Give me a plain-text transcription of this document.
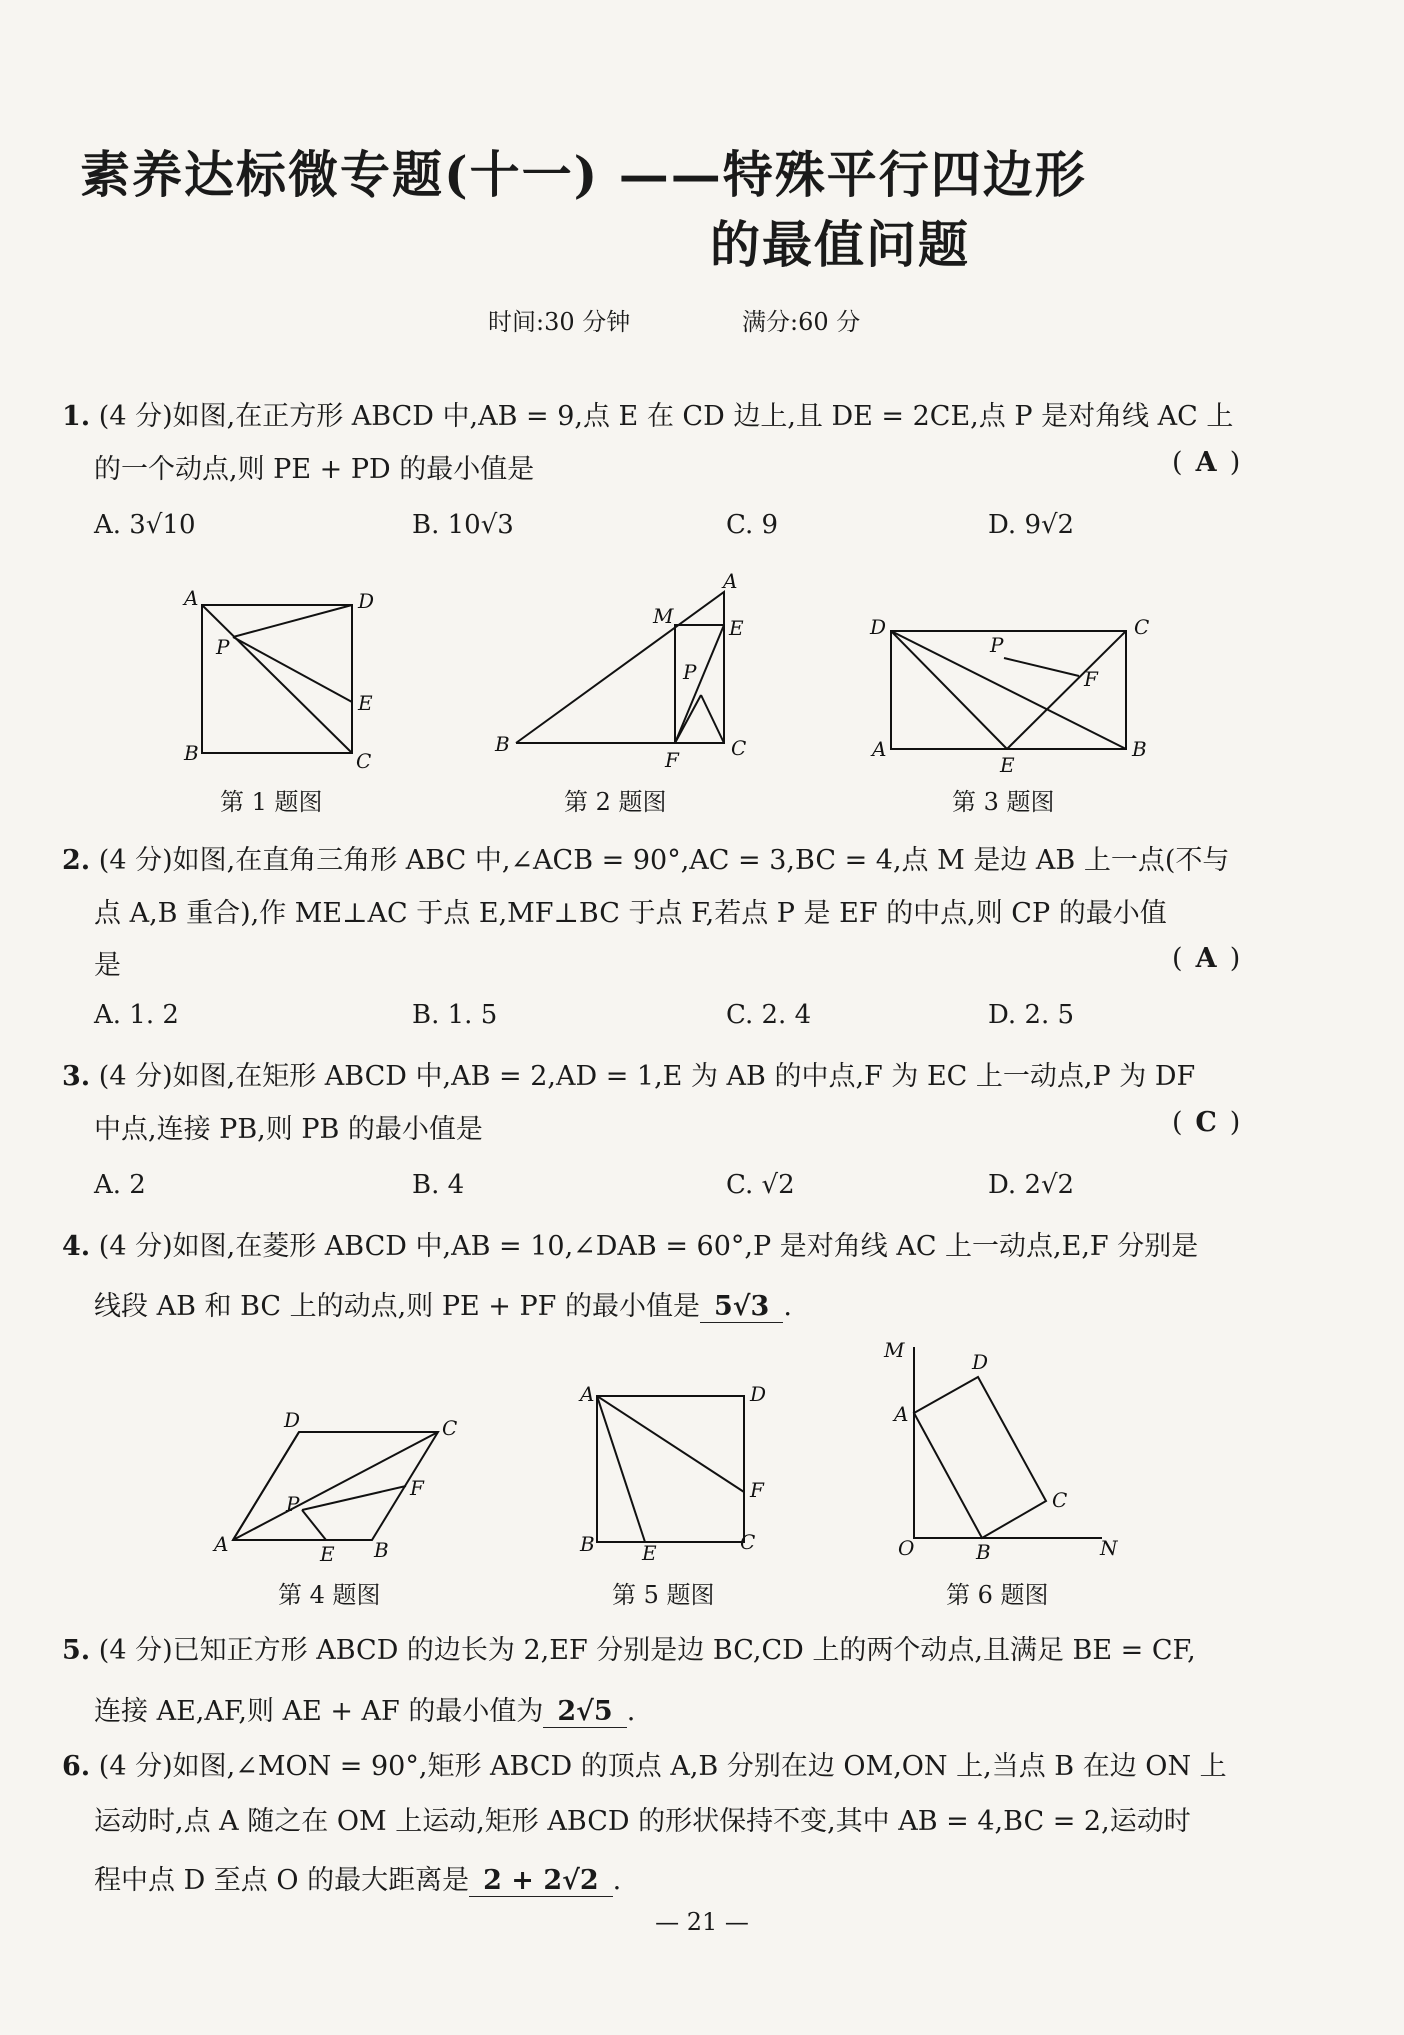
素养达标微专题(十一) ——特殊平行四边形
的最值问题
时间:30 分钟	满分:60 分
1. (4 分)如图,在正方形 ABCD 中,AB = 9,点 E 在 CD 边上,且 DE = 2CE,点 P 是对角线 AC 上
的一个动点,则 PE + PD 的最小值是	( A )
A. 3√10	B. 10√3	C. 9	D. 9√2
A	D
P
E
B	C
第 1 题图
A
M	E
P
B
F	C
第 2 题图
D
P
C
F
A
E
B
第 3 题图
2. (4 分)如图,在直角三角形 ABC 中,∠ACB = 90°,AC = 3,BC = 4,点 M 是边 AB 上一点(不与
点 A,B 重合),作 ME⊥AC 于点 E,MF⊥BC 于点 F,若点 P 是 EF 的中点,则 CP 的最小值
是	( A )
A. 1. 2	B. 1. 5	C. 2. 4	D. 2. 5
3. (4 分)如图,在矩形 ABCD 中,AB = 2,AD = 1,E 为 AB 的中点,F 为 EC 上一动点,P 为 DF
中点,连接 PB,则 PB 的最小值是	( C )
A. 2	B. 4	C. √2	D. 2√2
4. (4 分)如图,在菱形 ABCD 中,AB = 10,∠DAB = 60°,P 是对角线 AC 上一动点,E,F 分别是
线段 AB 和 BC 上的动点,则 PE + PF 的最小值是 5√3 .
D	C
P
F
A	E B
第 4 题图
A	D
F
B E	C
第 5 题图
M	D
A
C
O	B	N
第 6 题图
5. (4 分)已知正方形 ABCD 的边长为 2,EF 分别是边 BC,CD 上的两个动点,且满足 BE = CF,
连接 AE,AF,则 AE + AF 的最小值为 2√5 .
6. (4 分)如图,∠MON = 90°,矩形 ABCD 的顶点 A,B 分别在边 OM,ON 上,当点 B 在边 ON 上
运动时,点 A 随之在 OM 上运动,矩形 ABCD 的形状保持不变,其中 AB = 4,BC = 2,运动时
程中点 D 至点 O 的最大距离是 2 + 2√2 .
— 21 —
